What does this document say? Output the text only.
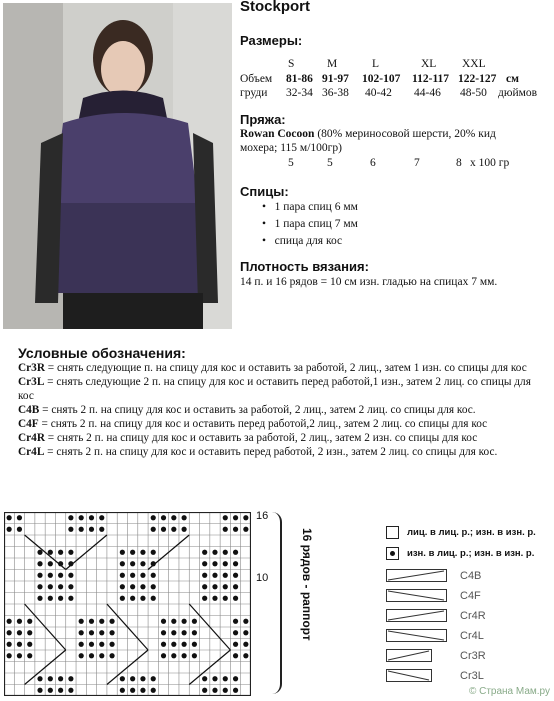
Stockport
Размеры:
S	M	L	XL XXL
Объем 81-86 91-97 102-107 112-117 122-127 см
груди 32-34 36-38 40-42 44-46 48-50 дюймов
Пряжа:
Rowan Cocoon (80% мериносовой шерсти, 20% кид
мохера; 115 м/100гр)
5	5	6	7	8 x 100 гр
Спицы:
•   1 пара спиц 6 мм
•   1 пара спиц 7 мм
•   спица для кос
Плотность вязания:
14 п. и 16 рядов = 10 см изн. гладью на спицах 7 мм.
Условные обозначения:
Cr3R = снять следующие п. на спицу для кос и оставить за работой, 2 лиц., затем 1 изн. со спицы для кос
Cr3L = снять следующие 2 п. на спицу для кос и оставить перед работой,1 изн., затем 2 лиц. со спицы для кос
C4B = снять 2 п. на спицу для кос и оставить за работой, 2 лиц., затем 2 лиц. со спицы для кос.
C4F = снять 2 п. на спицу для кос и оставить перед работой,2 лиц., затем 2 лиц. со спицы для кос
Cr4R = снять 2 п. на спицу для кос и оставить за работой, 2 лиц., затем 2 изн. со спицы для кос
Cr4L = снять 2 п. на спицу для кос и оставить перед работой, 2 изн., затем 2 лиц. со спицы для кос.
16
10	16 рядов - раппорт	лиц. в лиц. р.; изн. в изн. р.
изн. в лиц. р.; изн. в изн. р.
C4B
C4F
Cr4R
Cr4L
Cr3R
Cr3L
© Страна Мам.ру
